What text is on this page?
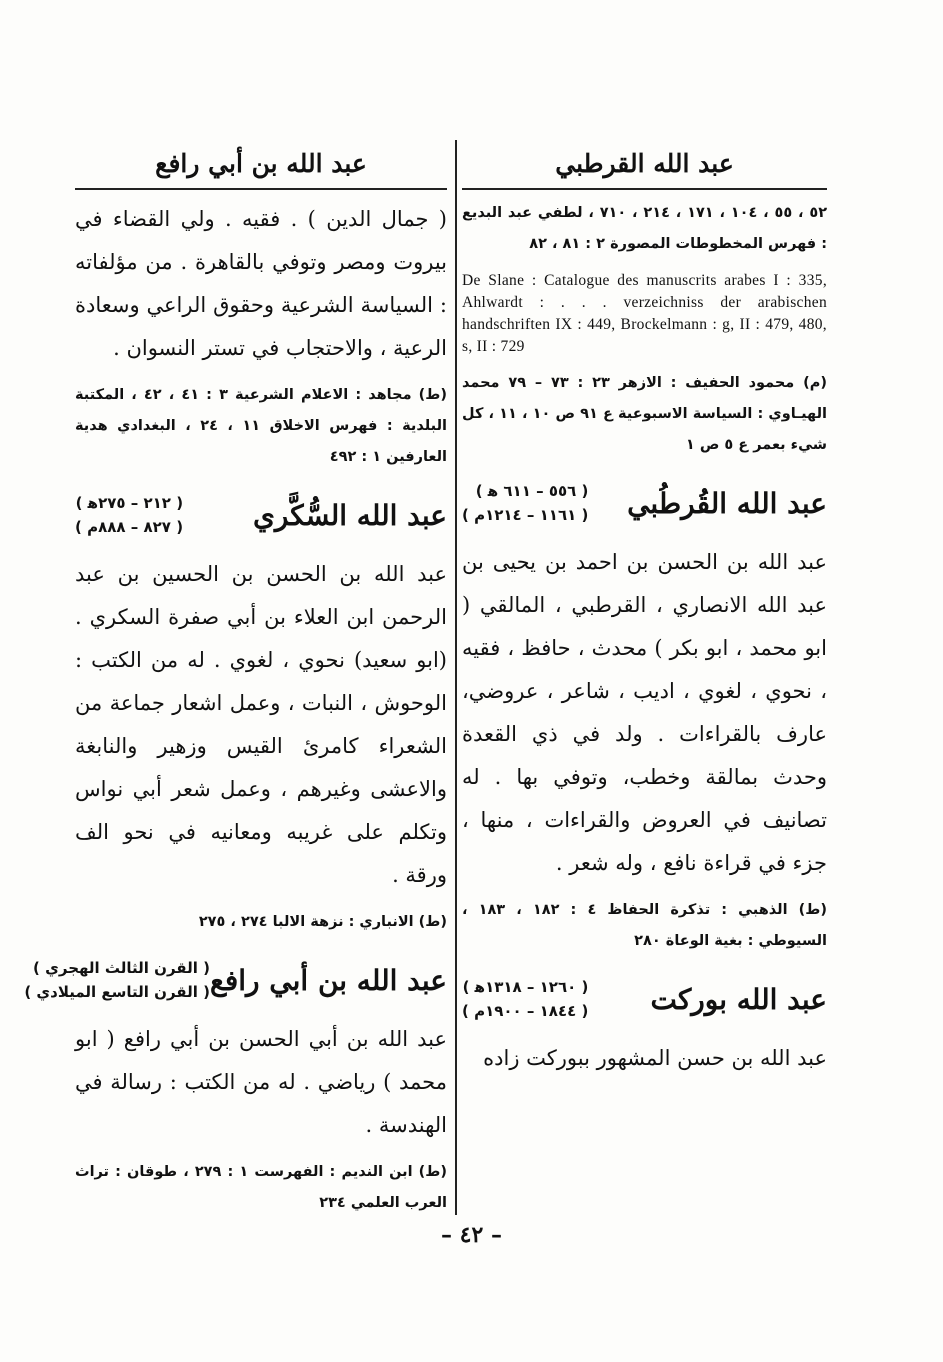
عبد الله القرطبي
٥٢ ، ٥٥ ، ١٠٤ ، ١٧١ ، ٢١٤ ، ٧١٠ ، لطفي عبد البديع : فهرس المخطوطات المصورة ٢ : ٨١ ، ٨٢
De Slane : Catalogue des manuscrits arabes I : 335, Ahlwardt : . . . verzeichniss der arabischen handschriften IX : 449, Brockelmann : g, II : 479, 480, s, II : 729
(م) محمود الحفيف : الازهر ٢٣ : ٧٣ – ٧٩ محمد الهيـاوي : السياسة الاسبوعية ع ٩١ ص ١٠ ، ١١ ، كل شيء بعمر ع ٥ ص ١
عبد الله القُرطُبي
( ٥٥٦ – ٦١١ ﻫ )
( ١١٦١ – ١٢١٤م )
عبد الله بن الحسن بن احمد بن يحيى بن عبد الله الانصاري ، القرطبي ، المالقي ( ابو محمد ، ابو بكر ) محدث ، حافظ ، فقيه ، نحوي ، لغوي ، اديب ، شاعر ، عروضي، عارف بالقراءات . ولد في ذي القعدة وحدث بمالقة وخطب، وتوفي بها . له تصانيف في العروض والقراءات ، منها ، جزء في قراءة نافع ، وله شعر .
(ط) الذهبي : تذكرة الحفاظ ٤ : ١٨٢ ، ١٨٣ ، السيوطي : بغية الوعاة ٢٨٠
عبد الله بوركت
( ١٢٦٠ – ١٣١٨ﻫ )
( ١٨٤٤ – ١٩٠٠م )
عبد الله بن حسن المشهور ببوركت زاده
عبد الله بن أبي رافع
( جمال الدين ) . فقيه . ولي القضاء في بيروت ومصر وتوفي بالقاهرة . من مؤلفاته : السياسة الشرعية وحقوق الراعي وسعادة الرعية ، والاحتجاب في تستر النسوان .
(ط) مجاهد : الاعلام الشرعية ٣ : ٤١ ، ٤٢ ، المكتبة البلدية : فهرس الاخلاق ١١ ، ٢٤ ، البغدادي هدية العارفين ١ : ٤٩٢
عبد الله السُّكَّري
( ٢١٢ – ٢٧٥ﻫ )
( ٨٢٧ – ٨٨٨م )
عبد الله بن الحسن بن الحسين بن عبد الرحمن ابن العلاء بن أبي صفرة السكري . (ابو سعيد) نحوي ، لغوي . له من الكتب : الوحوش ، النبات ، وعمل اشعار جماعة من الشعراء كامرئ القيس وزهير والنابغة والاعشى وغيرهم ، وعمل شعر أبي نواس وتكلم على غريبه ومعانيه في نحو الف ورقة .
(ط) الانباري : نزهة الالبا ٢٧٤ ، ٢٧٥
عبد الله بن أبي رافع
( القرن الثالث الهجري )
( القرن التاسع الميلادي )
عبد الله بن أبي الحسن بن أبي رافع ( ابو محمد ) رياضي . له من الكتب : رسالة في الهندسة .
(ط) ابن النديم : الفهرست ١ : ٢٧٩ ، طوقان : تراث العرب العلمي ٢٣٤
– ٤٢ –
